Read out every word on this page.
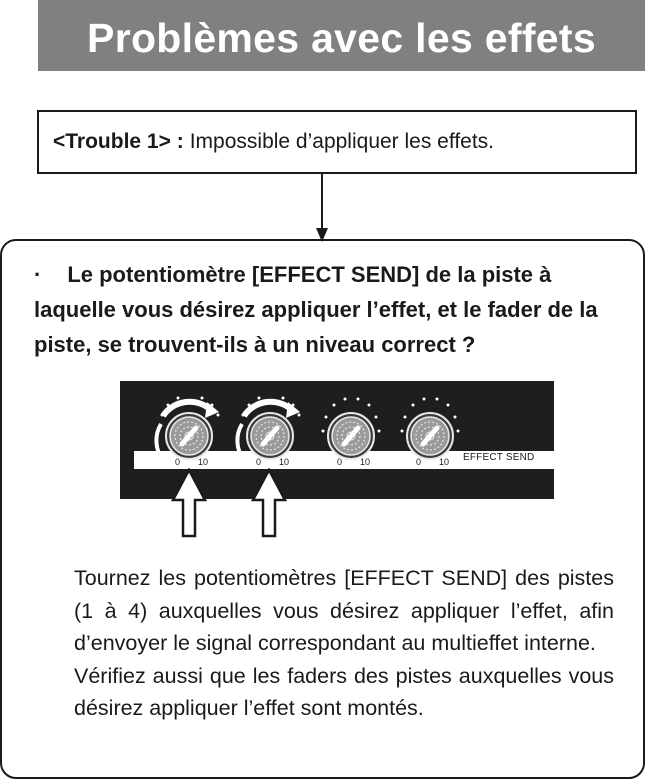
Problèmes avec les effets
<Trouble 1> : Impossible d’appliquer les effets.
· Le potentiomètre [EFFECT SEND] de la piste à laquelle vous désirez appliquer l’effet, et le fader de la piste, se trouvent-ils à un niveau correct ?
0 10	0 10	0 10	0 10 EFFECT SEND

Tournez les potentiomètres [EFFECT SEND] des pistes (1 à 4) auxquelles vous désirez appliquer l’effet, afin d’envoyer le signal correspondant au multieffet interne.

Vérifiez aussi que les faders des pistes auxquelles vous désirez appliquer l’effet sont montés.
